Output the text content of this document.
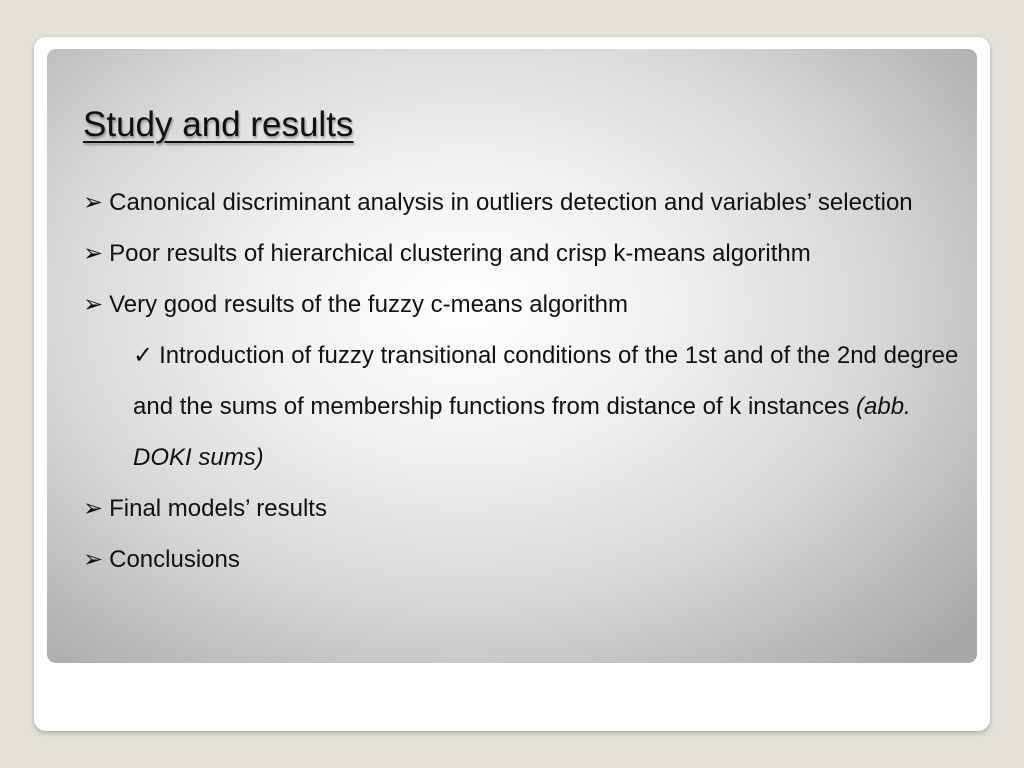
Study and results
➢ Canonical discriminant analysis in outliers detection and variables’ selection
➢ Poor results of hierarchical clustering and crisp k-means algorithm
➢ Very good results of the fuzzy c-means algorithm
✓ Introduction of fuzzy transitional conditions of the 1st and of the 2nd degree and the sums of membership functions from distance of k instances (abb. DOKI sums)
➢ Final models’ results
➢ Conclusions
